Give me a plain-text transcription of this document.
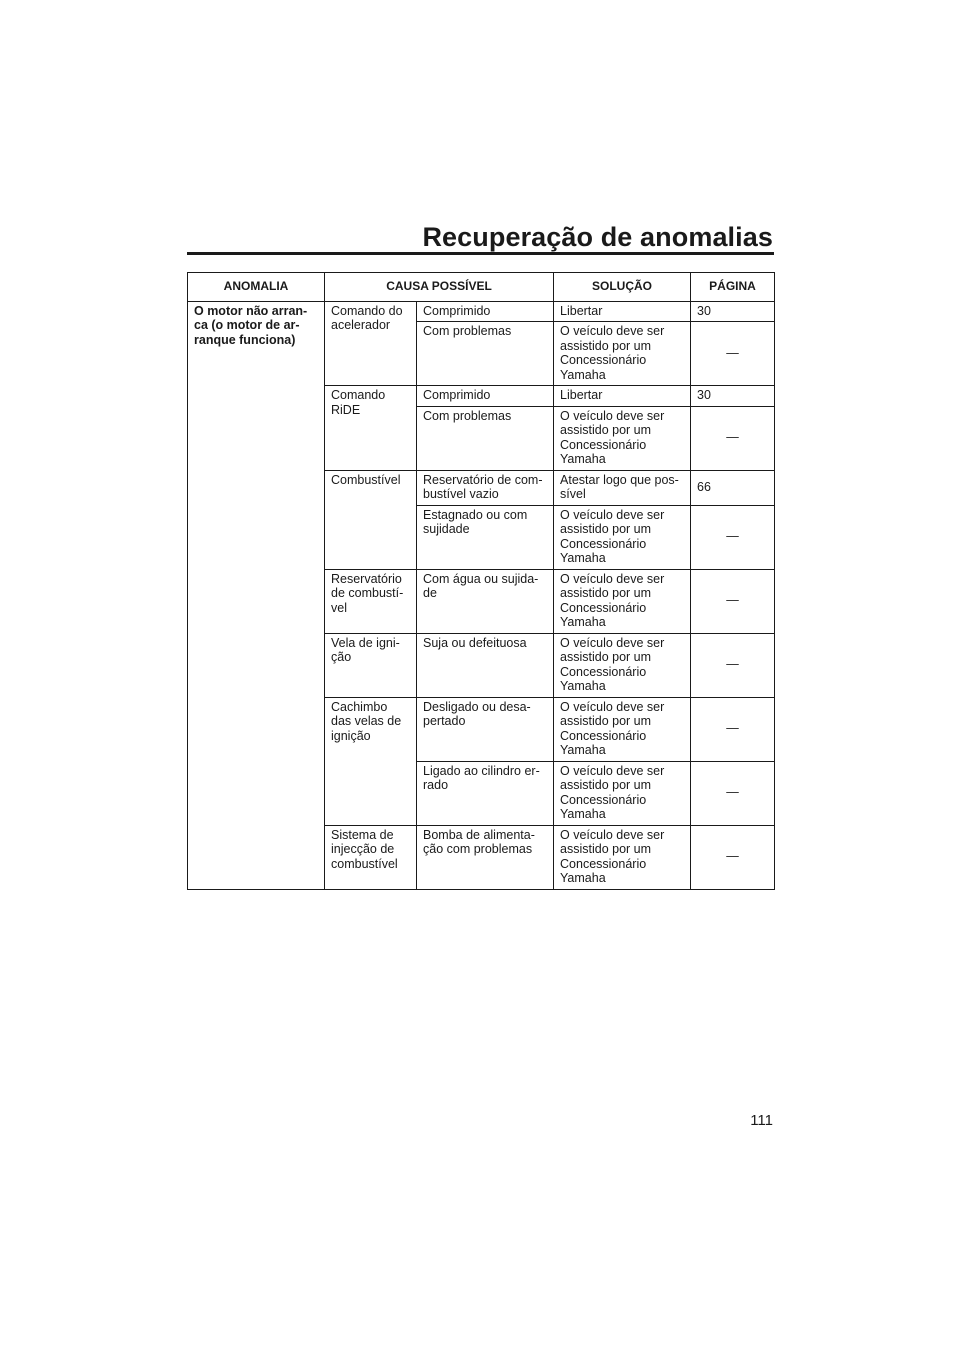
Recuperação de anomalias
ANOMALIA	CAUSA POSSÍVEL		SOLUÇÃO	PÁGINA
O motor não arran-
ca (o motor de ar-
ranque funciona)	Comando do
acelerador	Comprimido	Libertar	30
		Com problemas	O veículo deve ser
assistido por um
Concessionário
Yamaha	—
	Comando
RiDE	Comprimido	Libertar	30
		Com problemas	O veículo deve ser
assistido por um
Concessionário
Yamaha	—
	Combustível	Reservatório de com-
bustível vazio	Atestar logo que pos-
sível	66
		Estagnado ou com
sujidade	O veículo deve ser
assistido por um
Concessionário
Yamaha	—
	Reservatório
de combustí-
vel	Com água ou sujida-
de	O veículo deve ser
assistido por um
Concessionário
Yamaha	—
	Vela de igni-
ção	Suja ou defeituosa	O veículo deve ser
assistido por um
Concessionário
Yamaha	—
	Cachimbo
das velas de
ignição	Desligado ou desa-
pertado	O veículo deve ser
assistido por um
Concessionário
Yamaha	—
		Ligado ao cilindro er-
rado	O veículo deve ser
assistido por um
Concessionário
Yamaha	—
	Sistema de
injecção de
combustível	Bomba de alimenta-
ção com problemas	O veículo deve ser
assistido por um
Concessionário
Yamaha	—
111
